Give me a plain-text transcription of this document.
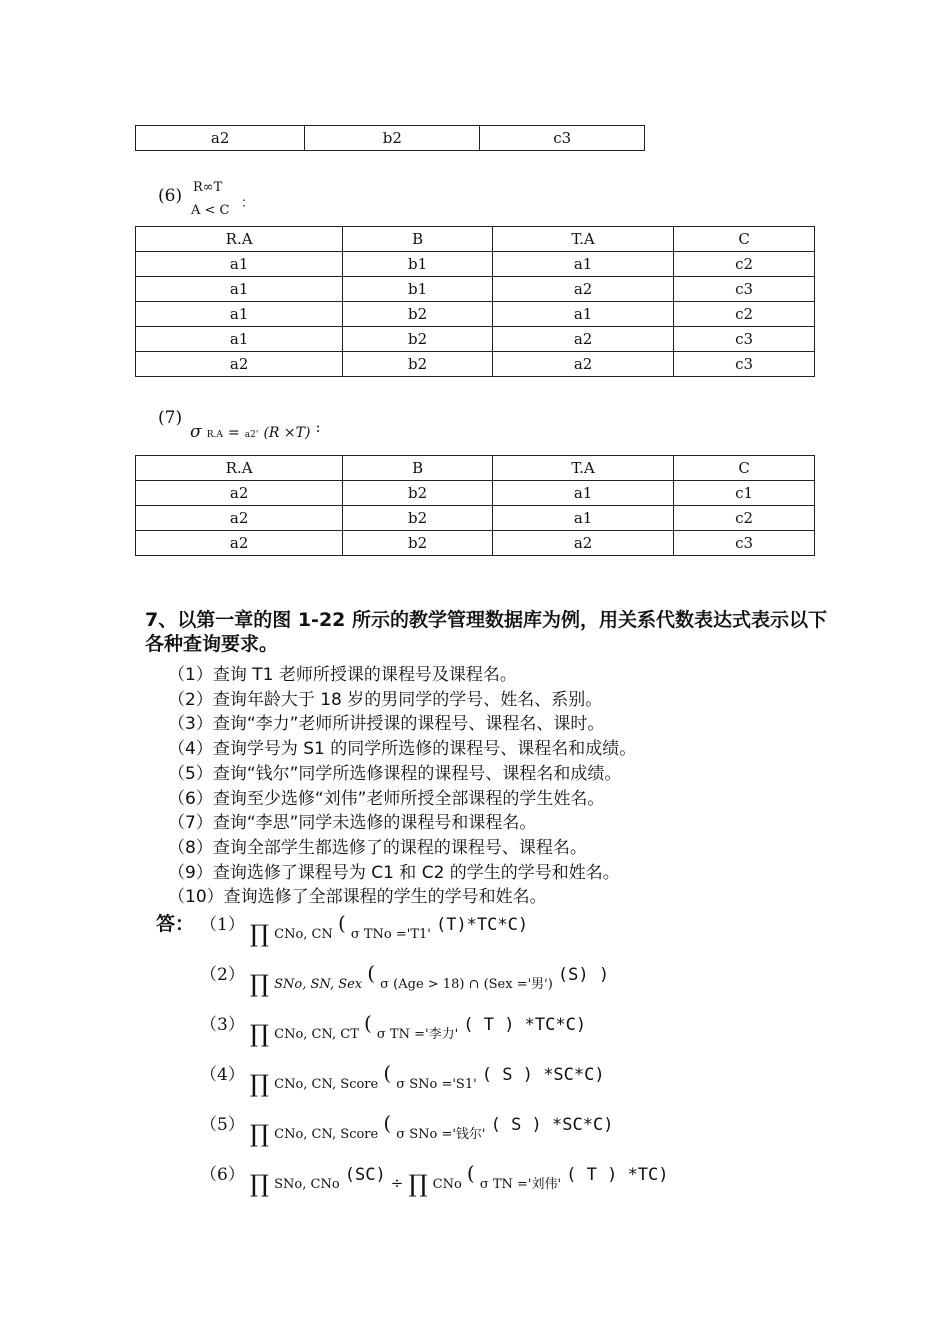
a2	b2	c3
(6) R∞T
A < C ：
R.A	B	T.A	C
a1	b1	a1	c2
a1	b1	a2	c3
a1	b2	a1	c2
a1	b2	a2	c3
a2	b2	a2	c3
(7)
σ R.A = a2' (R ×T) :
R.A	B	T.A	C
a2	b2	a1	c1
a2	b2	a1	c2
a2	b2	a2	c3
7、以第一章的图 1-22 所示的教学管理数据库为例，用关系代数表达式表示以下各种查询要求。
（1）查询 T1 老师所授课的课程号及课程名。
（2）查询年龄大于 18 岁的男同学的学号、姓名、系别。
（3）查询“李力”老师所讲授课的课程号、课程名、课时。
（4）查询学号为 S1 的同学所选修的课程号、课程名和成绩。
（5）查询“钱尔”同学所选修课程的课程号、课程名和成绩。
（6）查询至少选修“刘伟”老师所授全部课程的学生姓名。
（7）查询“李思”同学未选修的课程号和课程名。
（8）查询全部学生都选修了的课程的课程号、课程名。
（9）查询选修了课程号为 C1 和 C2 的学生的学号和姓名。
（10）查询选修了全部课程的学生的学号和姓名。
答： （1） ∏ $_{CNo, CN}$ ( $_{\sigma TNo ='T1'}$ (T)*TC*C)
（2） ∏ $_{SNo, SN, Sex}$ ( $_{\sigma (Age > 18) \cap (Sex ='男')}$ (S) )
（3） ∏ $_{CNo, CN, CT}$ ( $_{\sigma TN ='李力'}$ ( T ) *TC*C)
（4） ∏ $_{CNo, CN, Score}$ ( $_{\sigma SNo ='S1'}$ ( S ) *SC*C)
（5） ∏ $_{CNo, CN, Score}$ ( $_{\sigma SNo ='钱尔'}$ ( S ) *SC*C)
（6） ∏ $_{SNo, CNo}$ (SC) ÷ ∏ $_{CNo}$ ( $_{\sigma TN ='刘伟'}$ ( T ) *TC)
